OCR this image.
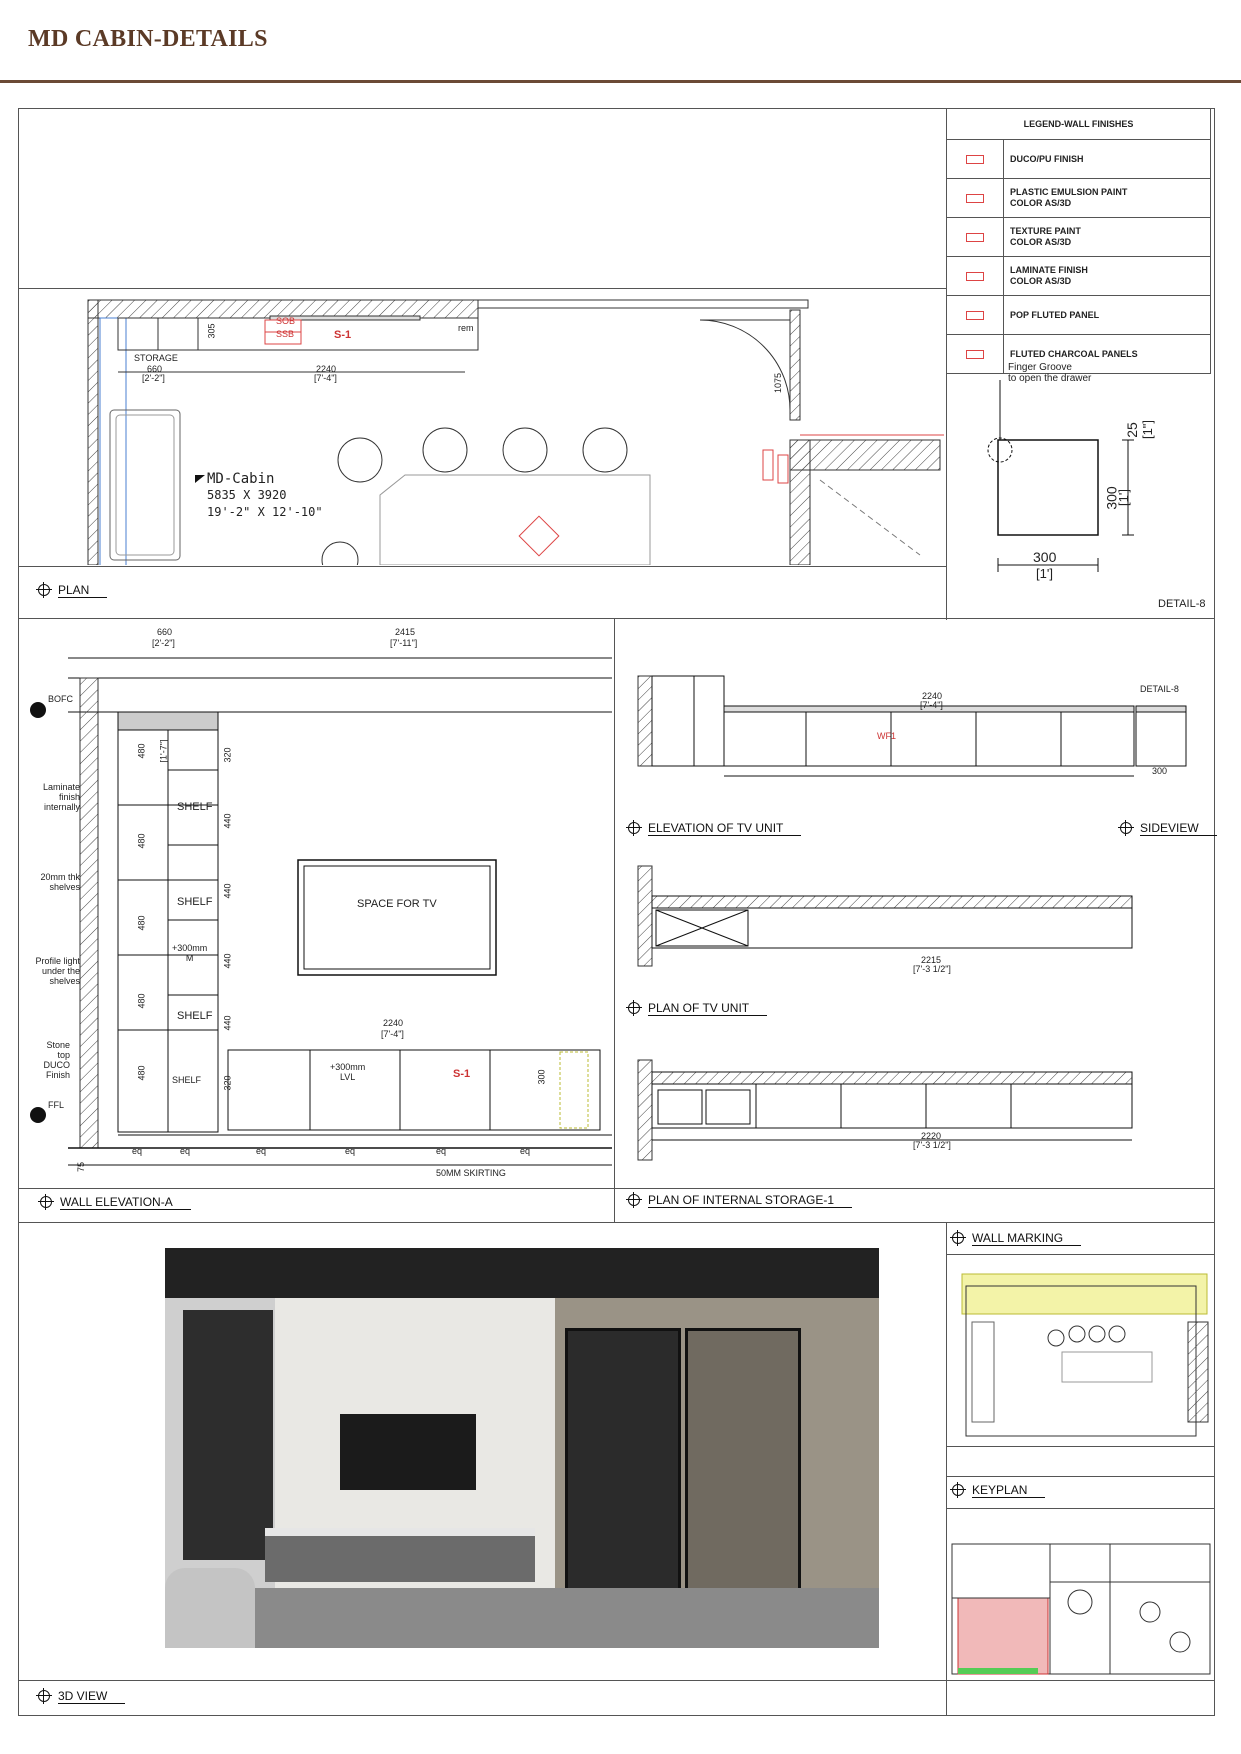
MD CABIN-DETAILS
LEGEND-WALL FINISHES
DUCO/PU FINISH
PLASTIC EMULSION PAINT
COLOR AS/3D
TEXTURE PAINT
COLOR AS/3D
LAMINATE FINISH
COLOR AS/3D
POP FLUTED PANEL
FLUTED CHARCOAL PANELS
STORAGE
660
[2'-2"]
2240
[7'-4"]
305
1075
rem
S-1
SOB
SSB
MD-Cabin
5835 X 3920
19'-2" X 12'-10"
PLAN
Finger Groove
to open the drawer
300
[1']
300
[1']
25 [1"]
DETAIL-8
660
[2'-2"]
2415
[7'-11"]
BOFC
FFL
Laminate
finish
internally
20mm thk
shelves
Profile light
under the
shelves
Stone
top
DUCO
Finish
SHELF
SHELF
SHELF
SHELF
+300mm
M
+300mm
LVL
SPACE FOR TV
2240
[7'-4"]
S-1
50MM SKIRTING
480
480
480
480
480
[1'-7"]	320
440
440
440
440
320
eq	eq	eq	eq	eq	eq
75
300
WALL ELEVATION-A
2240
[7'-4"]
WF1
DETAIL-8
300
2215
[7'-3 1/2"]
2220
[7'-3 1/2"]
ELEVATION OF TV UNIT	SIDEVIEW
PLAN OF TV UNIT
PLAN OF INTERNAL STORAGE-1
3D VIEW
WALL MARKING
KEYPLAN
